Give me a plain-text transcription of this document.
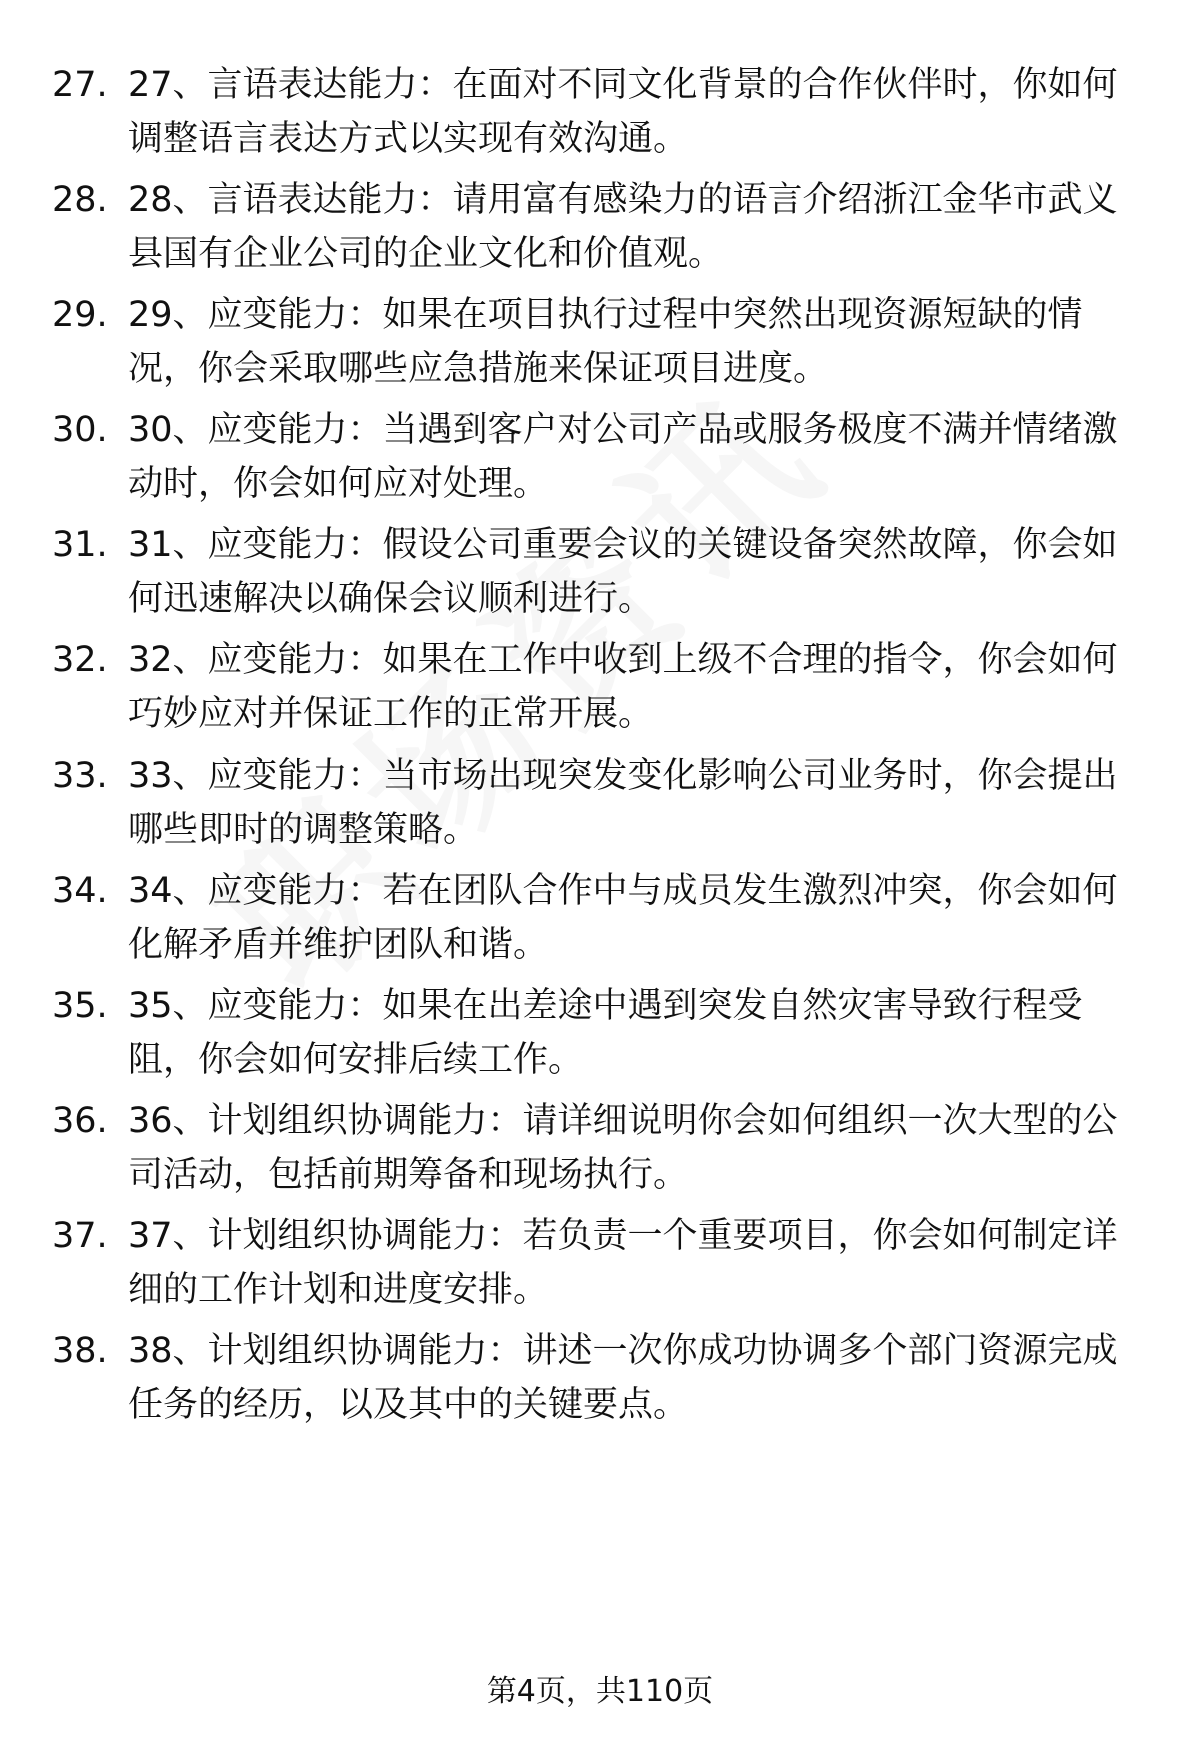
27. 27、言语表达能力：在面对不同文化背景的合作伙伴时，你如何调整语言表达方式以实现有效沟通。
28. 28、言语表达能力：请用富有感染力的语言介绍浙江金华市武义县国有企业公司的企业文化和价值观。
29. 29、应变能力：如果在项目执行过程中突然出现资源短缺的情况，你会采取哪些应急措施来保证项目进度。
30. 30、应变能力：当遇到客户对公司产品或服务极度不满并情绪激动时，你会如何应对处理。
31. 31、应变能力：假设公司重要会议的关键设备突然故障，你会如何迅速解决以确保会议顺利进行。
32. 32、应变能力：如果在工作中收到上级不合理的指令，你会如何巧妙应对并保证工作的正常开展。
33. 33、应变能力：当市场出现突发变化影响公司业务时，你会提出哪些即时的调整策略。
34. 34、应变能力：若在团队合作中与成员发生激烈冲突，你会如何化解矛盾并维护团队和谐。
35. 35、应变能力：如果在出差途中遇到突发自然灾害导致行程受阻，你会如何安排后续工作。
36. 36、计划组织协调能力：请详细说明你会如何组织一次大型的公司活动，包括前期筹备和现场执行。
37. 37、计划组织协调能力：若负责一个重要项目，你会如何制定详细的工作计划和进度安排。
38. 38、计划组织协调能力：讲述一次你成功协调多个部门资源完成任务的经历，以及其中的关键要点。
第4页，共110页
